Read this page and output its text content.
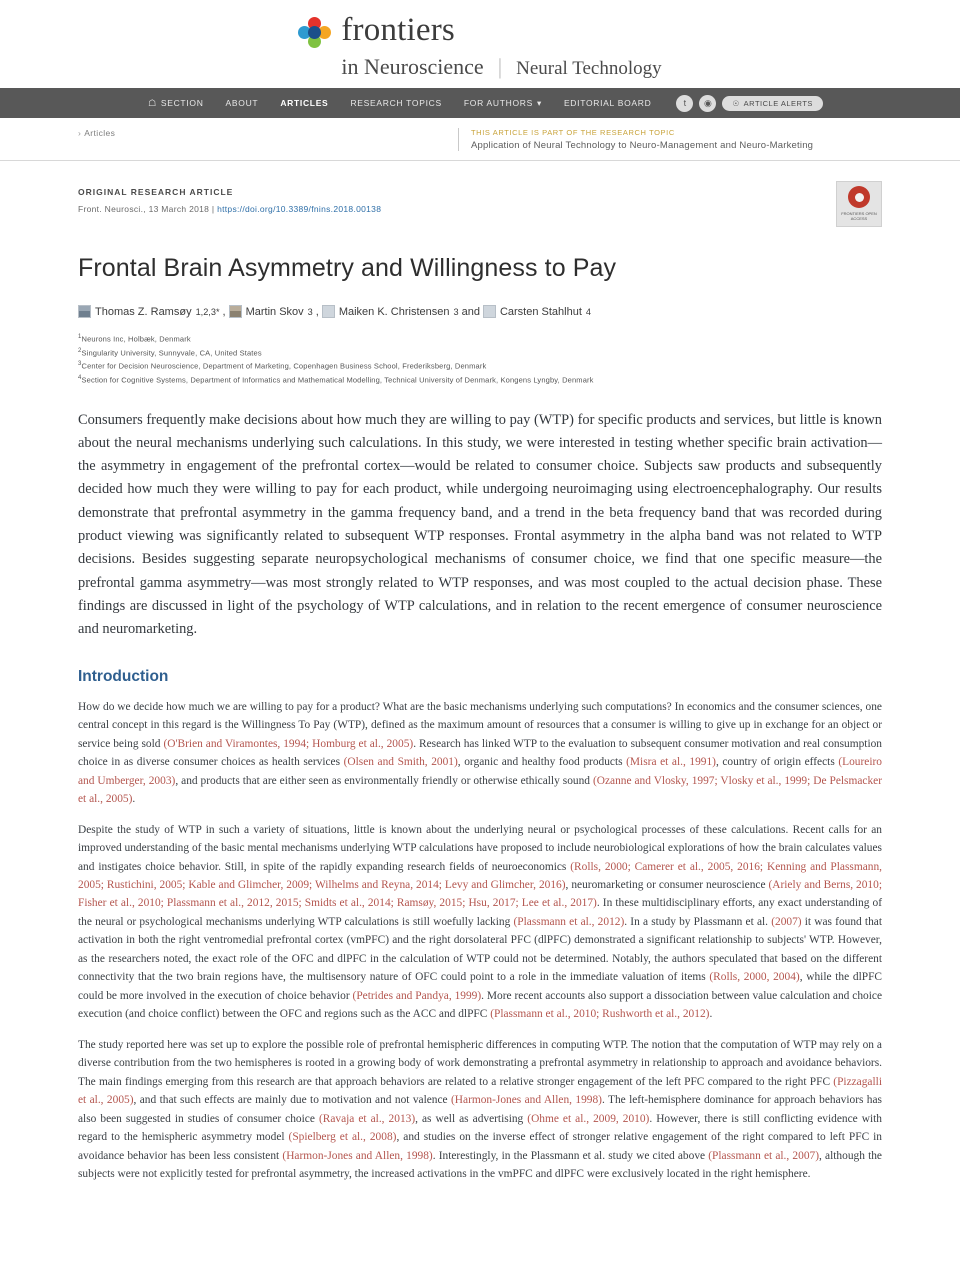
frontiers
in Neuroscience | Neural Technology
☖ SECTION	ABOUT	ARTICLES	RESEARCH TOPICS	FOR AUTHORS ▾	EDITORIAL BOARD	t	◉	☉ ARTICLE ALERTS
› Articles	THIS ARTICLE IS PART OF THE RESEARCH TOPIC
Application of Neural Technology to Neuro-Management and Neuro-Marketing
ORIGINAL RESEARCH ARTICLE
Front. Neurosci., 13 March 2018 | https://doi.org/10.3389/fnins.2018.00138	FRONTIERS OPEN ACCESS
Frontal Brain Asymmetry and Willingness to Pay
Thomas Z. Ramsøy 1,2,3* , Martin Skov 3 , Maiken K. Christensen 3 and Carsten Stahlhut 4
$^1$Neurons Inc, Holbæk, Denmark
$^2$Singularity University, Sunnyvale, CA, United States
$^3$Center for Decision Neuroscience, Department of Marketing, Copenhagen Business School, Frederiksberg, Denmark
$^4$Section for Cognitive Systems, Department of Informatics and Mathematical Modelling, Technical University of Denmark, Kongens Lyngby, Denmark

Consumers frequently make decisions about how much they are willing to pay (WTP) for specific products and services, but little is known about the neural mechanisms underlying such calculations. In this study, we were interested in testing whether specific brain activation—the asymmetry in engagement of the prefrontal cortex—would be related to consumer choice. Subjects saw products and subsequently decided how much they were willing to pay for each product, while undergoing neuroimaging using electroencephalography. Our results demonstrate that prefrontal asymmetry in the gamma frequency band, and a trend in the beta frequency band that was recorded during product viewing was significantly related to subsequent WTP responses. Frontal asymmetry in the alpha band was not related to WTP decisions. Besides suggesting separate neuropsychological mechanisms of consumer choice, we find that one specific measure—the prefrontal gamma asymmetry—was most strongly related to WTP responses, and was most coupled to the actual decision phase. These findings are discussed in light of the psychology of WTP calculations, and in relation to the recent emergence of consumer neuroscience and neuromarketing.

Introduction

How do we decide how much we are willing to pay for a product? What are the basic mechanisms underlying such computations? In economics and the consumer sciences, one central concept in this regard is the Willingness To Pay (WTP), defined as the maximum amount of resources that a consumer is willing to give up in exchange for an object or service being sold (O'Brien and Viramontes, 1994; Homburg et al., 2005). Research has linked WTP to the evaluation to subsequent consumer motivation and real consumption choice in as diverse consumer choices as health services (Olsen and Smith, 2001), organic and healthy food products (Misra et al., 1991), country of origin effects (Loureiro and Umberger, 2003), and products that are either seen as environmentally friendly or otherwise ethically sound (Ozanne and Vlosky, 1997; Vlosky et al., 1999; De Pelsmacker et al., 2005).

Despite the study of WTP in such a variety of situations, little is known about the underlying neural or psychological processes of these calculations. Recent calls for an improved understanding of the basic mental mechanisms underlying WTP calculations have proposed to include neurobiological explorations of how the brain calculates values and instigates choice behavior. Still, in spite of the rapidly expanding research fields of neuroeconomics (Rolls, 2000; Camerer et al., 2005, 2016; Kenning and Plassmann, 2005; Rustichini, 2005; Kable and Glimcher, 2009; Wilhelms and Reyna, 2014; Levy and Glimcher, 2016), neuromarketing or consumer neuroscience (Ariely and Berns, 2010; Fisher et al., 2010; Plassmann et al., 2012, 2015; Smidts et al., 2014; Ramsøy, 2015; Hsu, 2017; Lee et al., 2017). In these multidisciplinary efforts, any exact understanding of the neural or psychological mechanisms underlying WTP calculations is still woefully lacking (Plassmann et al., 2012). In a study by Plassmann et al. (2007) it was found that activation in both the right ventromedial prefrontal cortex (vmPFC) and the right dorsolateral PFC (dlPFC) demonstrated a significant relationship to subjects' WTP. However, as the researchers noted, the exact role of the OFC and dlPFC in the calculation of WTP could not be determined. Notably, the authors speculated that based on the different connectivity that the two brain regions have, the multisensory nature of OFC could point to a role in the immediate valuation of items (Rolls, 2000, 2004), while the dlPFC could be more involved in the execution of choice behavior (Petrides and Pandya, 1999). More recent accounts also support a dissociation between value calculation and choice execution (and choice conflict) between the OFC and regions such as the ACC and dlPFC (Plassmann et al., 2010; Rushworth et al., 2012).

The study reported here was set up to explore the possible role of prefrontal hemispheric differences in computing WTP. The notion that the computation of WTP may rely on a diverse contribution from the two hemispheres is rooted in a growing body of work demonstrating a prefrontal asymmetry in relationship to approach and avoidance behaviors. The main findings emerging from this research are that approach behaviors are related to a relative stronger engagement of the left PFC compared to the right PFC (Pizzagalli et al., 2005), and that such effects are mainly due to motivation and not valence (Harmon-Jones and Allen, 1998). The left-hemisphere dominance for approach behaviors has also been suggested in studies of consumer choice (Ravaja et al., 2013), as well as advertising (Ohme et al., 2009, 2010). However, there is still conflicting evidence with regard to the hemispheric asymmetry model (Spielberg et al., 2008), and studies on the inverse effect of stronger relative engagement of the right compared to left PFC in avoidance behavior has been less consistent (Harmon-Jones and Allen, 1998). Interestingly, in the Plassmann et al. study we cited above (Plassmann et al., 2007), although the subjects were not explicitly tested for prefrontal asymmetry, the increased activations in the vmPFC and dlPFC were exclusively located in the right hemisphere.
